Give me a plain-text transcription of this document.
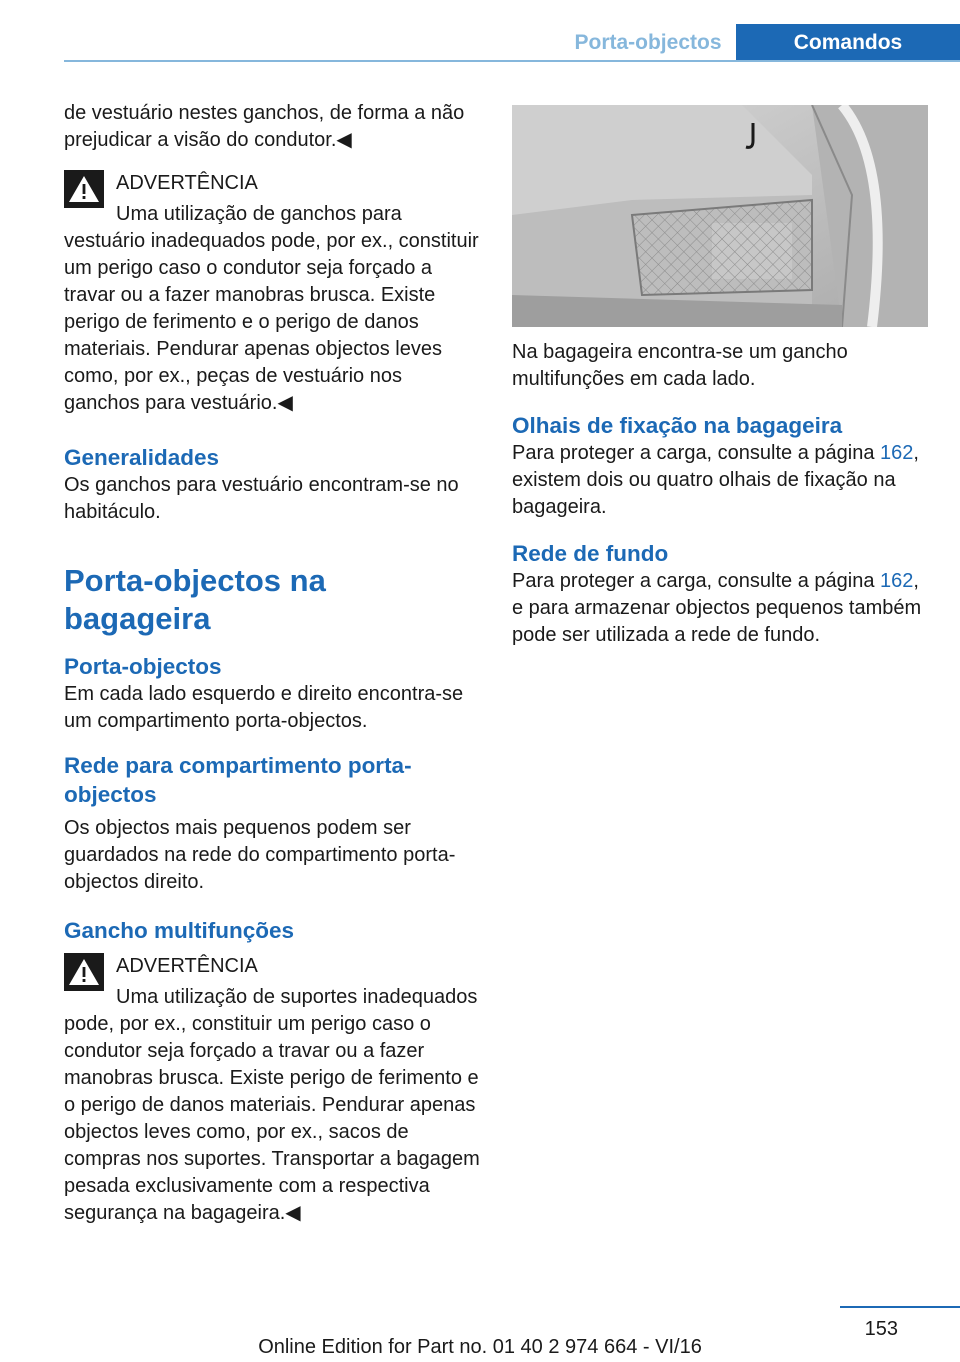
Porta-objectos	Comandos

de vestuário nestes ganchos, de forma a não prejudicar a visão do condutor.◀

ADVERTÊNCIA

Uma utilização de ganchos para vestuário inadequados pode, por ex., constituir um perigo caso o condutor seja forçado a travar ou a fazer manobras brusca. Existe perigo de ferimento e o perigo de danos materiais. Pendurar apenas objectos leves como, por ex., peças de vestuário nos ganchos para vestuário.◀

Generalidades

Os ganchos para vestuário encontram-se no habitáculo.

Porta-objectos na bagageira
Porta-objectos

Em cada lado esquerdo e direito encontra-se um compartimento porta-objectos.

Rede para compartimento porta-objectos

Os objectos mais pequenos podem ser guardados na rede do compartimento porta-objectos direito.

Gancho multifunções

ADVERTÊNCIA

Uma utilização de suportes inadequados pode, por ex., constituir um perigo caso o condutor seja forçado a travar ou a fazer manobras brusca. Existe perigo de ferimento e o perigo de danos materiais. Pendurar apenas objectos leves como, por ex., sacos de compras nos suportes. Transportar a bagagem pesada exclusivamente com a respectiva segurança na bagageira.◀

Na bagageira encontra-se um gancho multifunções em cada lado.

Olhais de fixação na bagageira

Para proteger a carga, consulte a página 162, existem dois ou quatro olhais de fixação na bagageira.

Rede de fundo

Para proteger a carga, consulte a página 162, e para armazenar objectos pequenos também pode ser utilizada a rede de fundo.

153
Online Edition for Part no. 01 40 2 974 664 - VI/16
